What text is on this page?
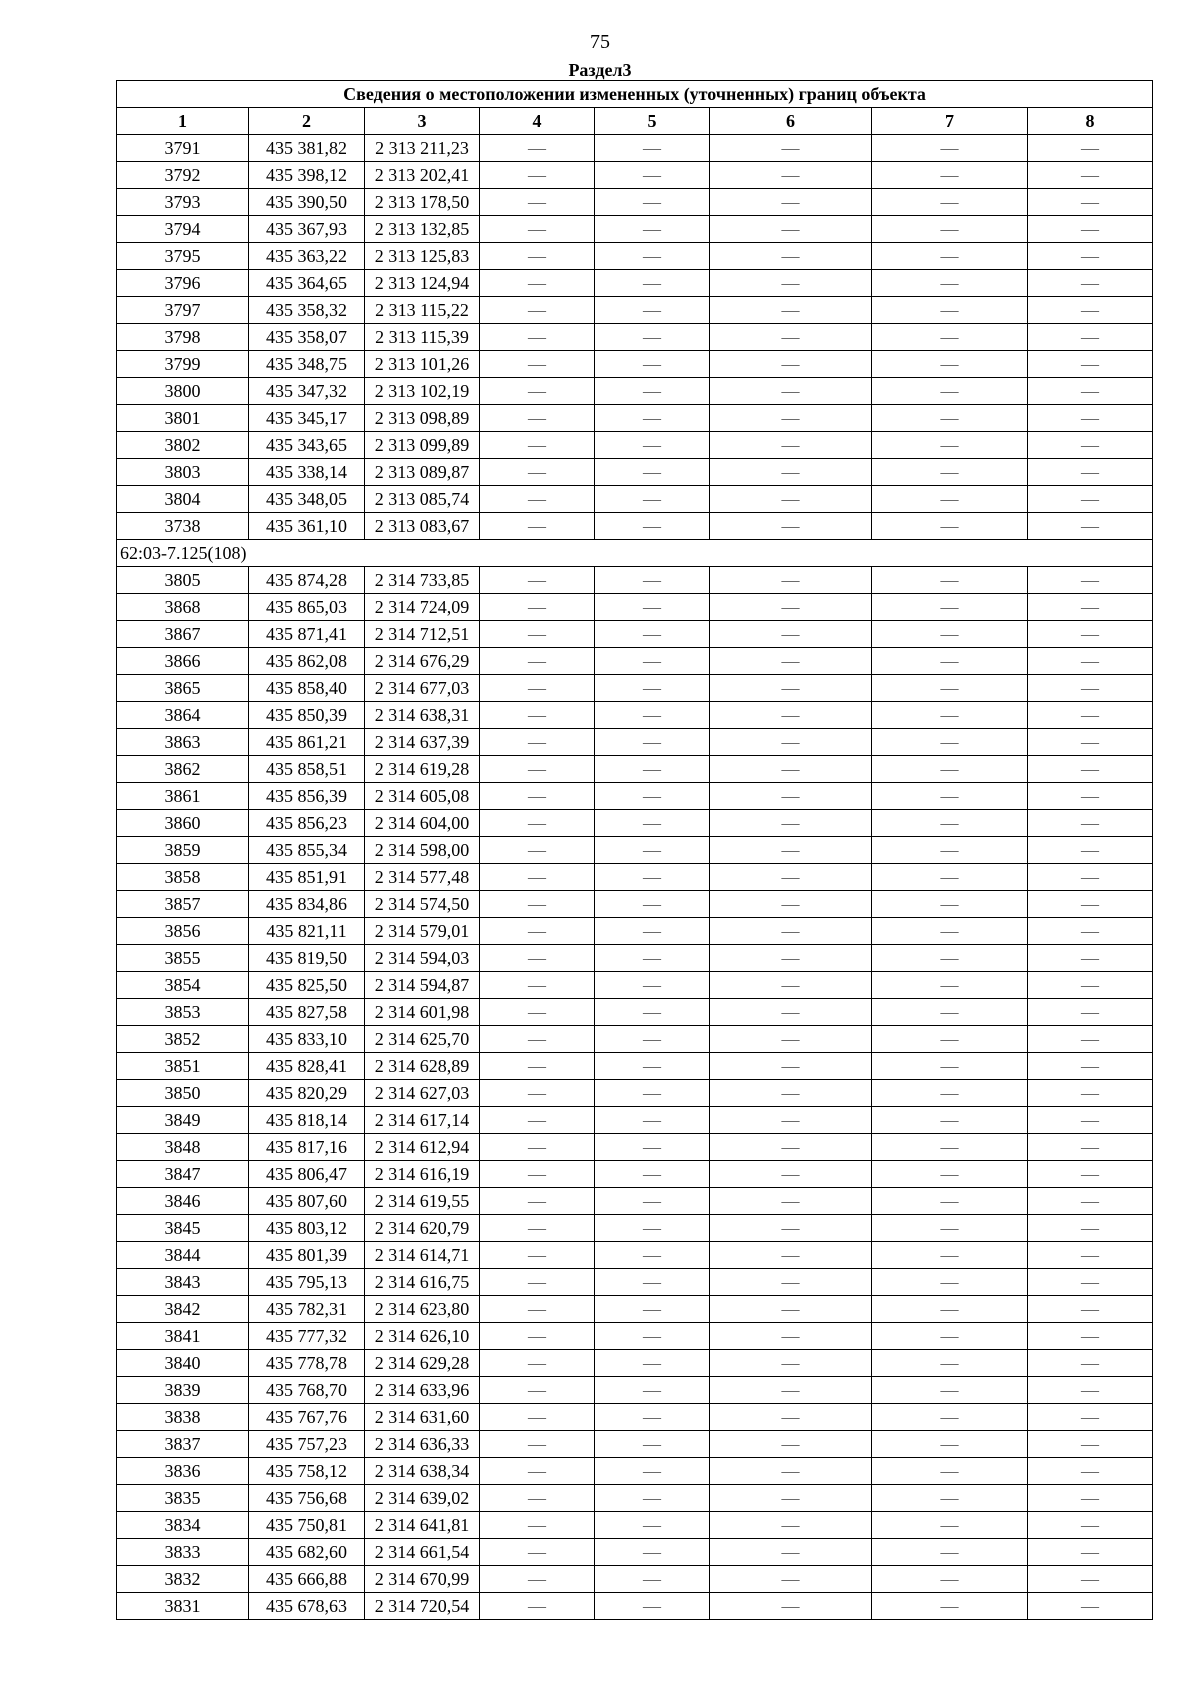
75
Раздел3
Сведения о местоположении измененных (уточненных) границ объекта							
1	2	3	4	5	6	7	8
3791	435 381,82	2 313 211,23	—	—	—	—	—
3792	435 398,12	2 313 202,41	—	—	—	—	—
3793	435 390,50	2 313 178,50	—	—	—	—	—
3794	435 367,93	2 313 132,85	—	—	—	—	—
3795	435 363,22	2 313 125,83	—	—	—	—	—
3796	435 364,65	2 313 124,94	—	—	—	—	—
3797	435 358,32	2 313 115,22	—	—	—	—	—
3798	435 358,07	2 313 115,39	—	—	—	—	—
3799	435 348,75	2 313 101,26	—	—	—	—	—
3800	435 347,32	2 313 102,19	—	—	—	—	—
3801	435 345,17	2 313 098,89	—	—	—	—	—
3802	435 343,65	2 313 099,89	—	—	—	—	—
3803	435 338,14	2 313 089,87	—	—	—	—	—
3804	435 348,05	2 313 085,74	—	—	—	—	—
3738	435 361,10	2 313 083,67	—	—	—	—	—
62:03-7.125(108)							
3805	435 874,28	2 314 733,85	—	—	—	—	—
3868	435 865,03	2 314 724,09	—	—	—	—	—
3867	435 871,41	2 314 712,51	—	—	—	—	—
3866	435 862,08	2 314 676,29	—	—	—	—	—
3865	435 858,40	2 314 677,03	—	—	—	—	—
3864	435 850,39	2 314 638,31	—	—	—	—	—
3863	435 861,21	2 314 637,39	—	—	—	—	—
3862	435 858,51	2 314 619,28	—	—	—	—	—
3861	435 856,39	2 314 605,08	—	—	—	—	—
3860	435 856,23	2 314 604,00	—	—	—	—	—
3859	435 855,34	2 314 598,00	—	—	—	—	—
3858	435 851,91	2 314 577,48	—	—	—	—	—
3857	435 834,86	2 314 574,50	—	—	—	—	—
3856	435 821,11	2 314 579,01	—	—	—	—	—
3855	435 819,50	2 314 594,03	—	—	—	—	—
3854	435 825,50	2 314 594,87	—	—	—	—	—
3853	435 827,58	2 314 601,98	—	—	—	—	—
3852	435 833,10	2 314 625,70	—	—	—	—	—
3851	435 828,41	2 314 628,89	—	—	—	—	—
3850	435 820,29	2 314 627,03	—	—	—	—	—
3849	435 818,14	2 314 617,14	—	—	—	—	—
3848	435 817,16	2 314 612,94	—	—	—	—	—
3847	435 806,47	2 314 616,19	—	—	—	—	—
3846	435 807,60	2 314 619,55	—	—	—	—	—
3845	435 803,12	2 314 620,79	—	—	—	—	—
3844	435 801,39	2 314 614,71	—	—	—	—	—
3843	435 795,13	2 314 616,75	—	—	—	—	—
3842	435 782,31	2 314 623,80	—	—	—	—	—
3841	435 777,32	2 314 626,10	—	—	—	—	—
3840	435 778,78	2 314 629,28	—	—	—	—	—
3839	435 768,70	2 314 633,96	—	—	—	—	—
3838	435 767,76	2 314 631,60	—	—	—	—	—
3837	435 757,23	2 314 636,33	—	—	—	—	—
3836	435 758,12	2 314 638,34	—	—	—	—	—
3835	435 756,68	2 314 639,02	—	—	—	—	—
3834	435 750,81	2 314 641,81	—	—	—	—	—
3833	435 682,60	2 314 661,54	—	—	—	—	—
3832	435 666,88	2 314 670,99	—	—	—	—	—
3831	435 678,63	2 314 720,54	—	—	—	—	—
